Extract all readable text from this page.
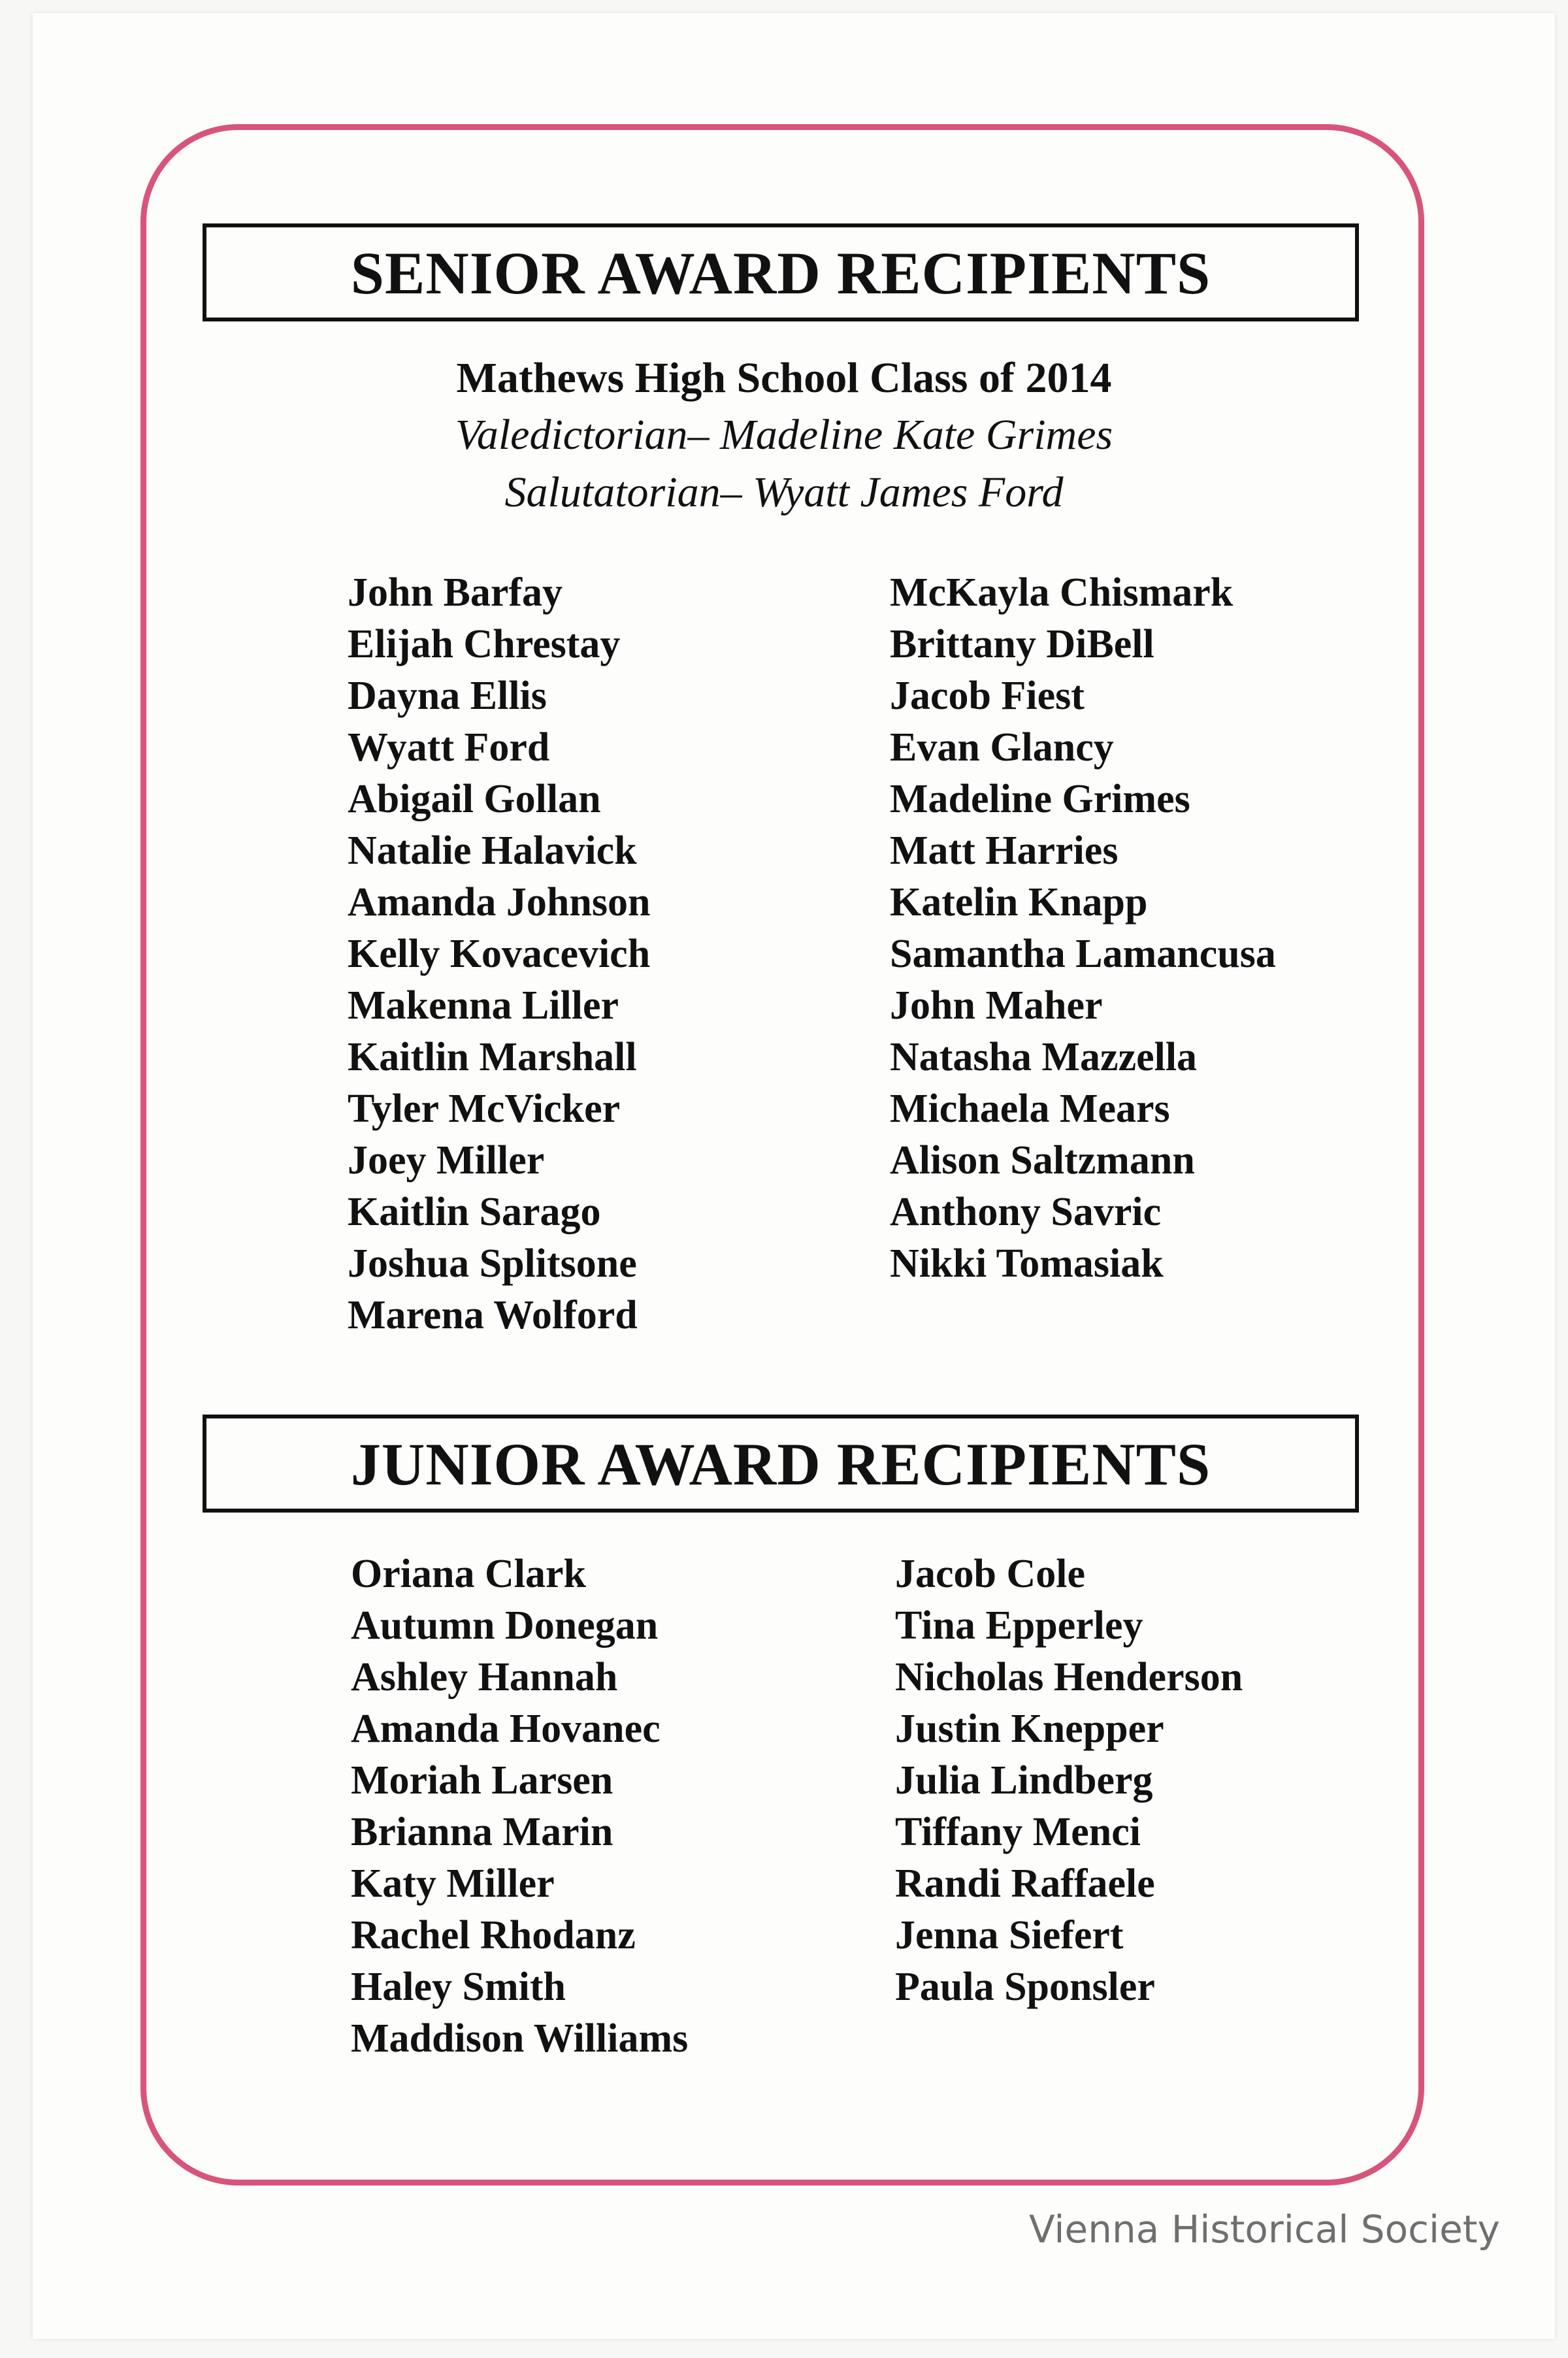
SENIOR AWARD RECIPIENTS
Mathews High School Class of 2014
Valedictorian– Madeline Kate Grimes
Salutatorian– Wyatt James Ford
John Barfay
Elijah Chrestay
Dayna Ellis
Wyatt Ford
Abigail Gollan
Natalie Halavick
Amanda Johnson
Kelly Kovacevich
Makenna Liller
Kaitlin Marshall
Tyler McVicker
Joey Miller
Kaitlin Sarago
Joshua Splitsone
Marena Wolford
McKayla Chismark
Brittany DiBell
Jacob Fiest
Evan Glancy
Madeline Grimes
Matt Harries
Katelin Knapp
Samantha Lamancusa
John Maher
Natasha Mazzella
Michaela Mears
Alison Saltzmann
Anthony Savric
Nikki Tomasiak
JUNIOR AWARD RECIPIENTS
Oriana Clark
Autumn Donegan
Ashley Hannah
Amanda Hovanec
Moriah Larsen
Brianna Marin
Katy Miller
Rachel Rhodanz
Haley Smith
Maddison Williams
Jacob Cole
Tina Epperley
Nicholas Henderson
Justin Knepper
Julia Lindberg
Tiffany Menci
Randi Raffaele
Jenna Siefert
Paula Sponsler
Vienna Historical Society
